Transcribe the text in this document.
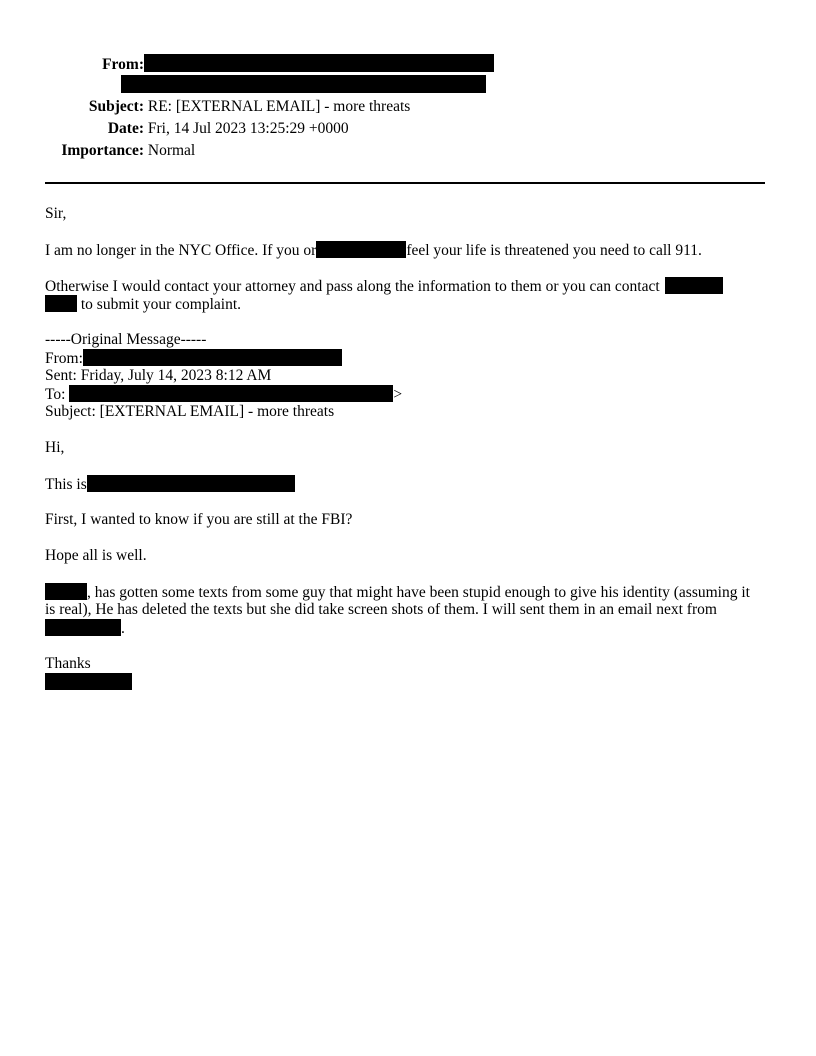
From:
Subject: RE: [EXTERNAL EMAIL] - more threats
Date: Fri, 14 Jul 2023 13:25:29 +0000
Importance: Normal
Sir,
I am no longer in the NYC Office. If you or	feel your life is threatened you need to call 911.
Otherwise I would contact your attorney and pass along the information to them or you can contact
to submit your complaint.
-----Original Message-----
From:
Sent: Friday, July 14, 2023 8:12 AM
To:	>
Subject: [EXTERNAL EMAIL] - more threats
Hi,
This is
First, I wanted to know if you are still at the FBI?
Hope all is well.
, has gotten some texts from some guy that might have been stupid enough to give his identity (assuming it
is real), He has deleted the texts but she did take screen shots of them. I will sent them in an email next from
.
Thanks
